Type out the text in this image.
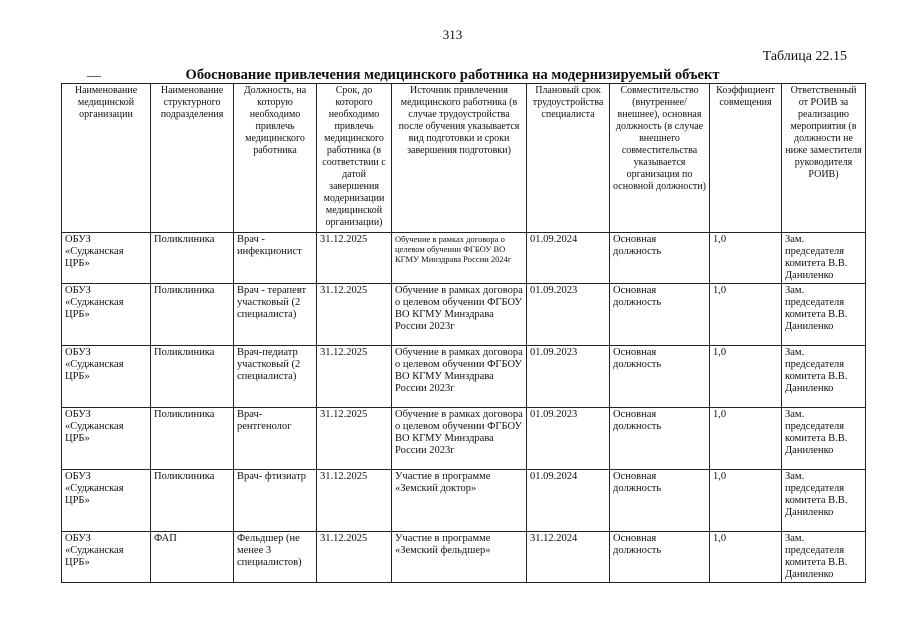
313
Таблица 22.15
Обоснование привлечения медицинского работника на модернизируемый объект
Наименование медицинской организации	Наименование структурного подразделения	Должность, на которую необходимо привлечь медицинского работника	Срок, до которого необходимо привлечь медицинского работника (в соответствии с датой завершения модернизации медицинской организации)	Источник привлечения медицинского работника (в случае трудоустройства после обучения указывается вид подготовки и сроки завершения подготовки)	Плановый срок трудоустройства специалиста	Совместительство (внутреннее/внешнее), основная должность (в случае внешнего совместительства указывается организация по основной должности)	Коэффициент совмещения	Ответственный от РОИВ за реализацию мероприятия (в должности не ниже заместителя руководителя РОИВ)
ОБУЗ «Суджанская ЦРБ»	Поликлиника	Врач - инфекционист	31.12.2025	Обучение в рамках договора о целевом обучении ФГБОУ ВО КГМУ Минздрава России 2024г	01.09.2024	Основная должность	1,0	Зам. председателя комитета В.В. Даниленко
ОБУЗ «Суджанская ЦРБ»	Поликлиника	Врач - терапевт участковый (2 специалиста)	31.12.2025	Обучение в рамках договора о целевом обучении ФГБОУ ВО КГМУ Минздрава России 2023г	01.09.2023	Основная должность	1,0	Зам. председателя комитета В.В. Даниленко
ОБУЗ «Суджанская ЦРБ»	Поликлиника	Врач-педиатр участковый (2 специалиста)	31.12.2025	Обучение в рамках договора о целевом обучении ФГБОУ ВО КГМУ Минздрава России 2023г	01.09.2023	Основная должность	1,0	Зам. председателя комитета В.В. Даниленко
ОБУЗ «Суджанская ЦРБ»	Поликлиника	Врач- рентгенолог	31.12.2025	Обучение в рамках договора о целевом обучении ФГБОУ ВО КГМУ Минздрава России 2023г	01.09.2023	Основная должность	1,0	Зам. председателя комитета В.В. Даниленко
ОБУЗ «Суджанская ЦРБ»	Поликлиника	Врач- фтизиатр	31.12.2025	Участие в программе «Земский доктор»	01.09.2024	Основная должность	1,0	Зам. председателя комитета В.В. Даниленко
ОБУЗ «Суджанская ЦРБ»	ФАП	Фельдшер (не менее 3 специалистов)	31.12.2025	Участие в программе «Земский фельдшер»	31.12.2024	Основная должность	1,0	Зам. председателя комитета В.В. Даниленко
